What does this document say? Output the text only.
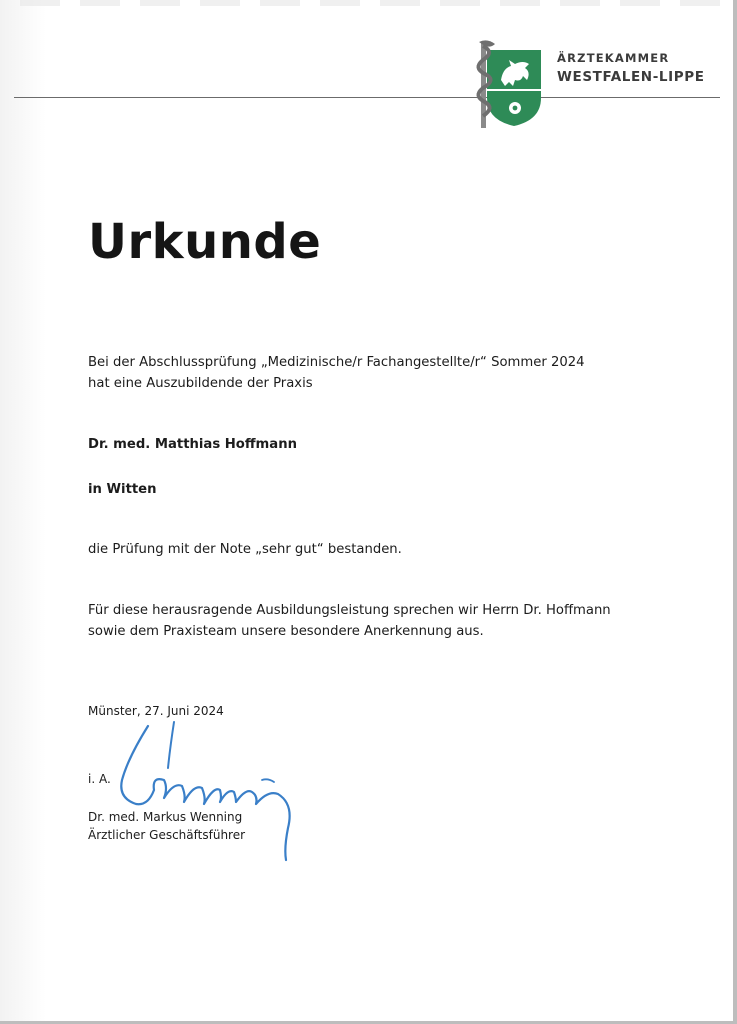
ÄRZTEKAMMER
WESTFALEN-LIPPE
Urkunde

Bei der Abschlussprüfung „Medizinische/r Fachangestellte/r“ Sommer 2024

hat eine Auszubildende der Praxis

Dr. med. Matthias Hoffmann

in Witten

die Prüfung mit der Note „sehr gut“ bestanden.

Für diese herausragende Ausbildungsleistung sprechen wir Herrn Dr. Hoffmann

sowie dem Praxisteam unsere besondere Anerkennung aus.

Münster, 27. Juni 2024

i. A.

Dr. med. Markus Wenning

Ärztlicher Geschäftsführer
